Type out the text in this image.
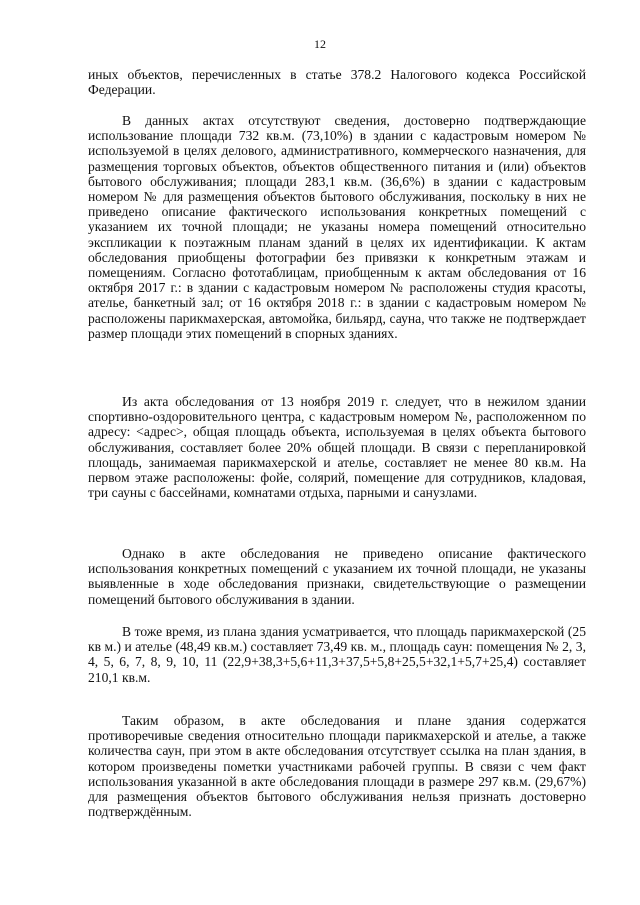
12

иных объектов, перечисленных в статье 378.2 Налогового кодекса Российской Федерации.

В данных актах отсутствуют сведения, достоверно подтверждающие использование площади 732 кв.м. (73,10%) в здании с кадастровым номером № используемой в целях делового, административного, коммерческого назначения, для размещения торговых объектов, объектов общественного питания и (или) объектов бытового обслуживания; площади 283,1 кв.м. (36,6%) в здании с кадастровым номером № для размещения объектов бытового обслуживания, поскольку в них не приведено описание фактического использования конкретных помещений с указанием их точной площади; не указаны номера помещений относительно экспликации к поэтажным планам зданий в целях их идентификации. К актам обследования приобщены фотографии без привязки к конкретным этажам и помещениям. Согласно фототаблицам, приобщенным к актам обследования от 16 октября 2017 г.: в здании с кадастровым номером № расположены студия красоты, ателье, банкетный зал; от 16 октября 2018 г.: в здании с кадастровым номером № расположены парикмахерская, автомойка, бильярд, сауна, что также не подтверждает размер площади этих помещений в спорных зданиях.

Из акта обследования от 13 ноября 2019 г. следует, что в нежилом здании спортивно-оздоровительного центра, с кадастровым номером №, расположенном по адресу: <адрес>, общая площадь объекта, используемая в целях объекта бытового обслуживания, составляет более 20% общей площади. В связи с перепланировкой площадь, занимаемая парикмахерской и ателье, составляет не менее 80 кв.м. На первом этаже расположены: фойе, солярий, помещение для сотрудников, кладовая, три сауны с бассейнами, комнатами отдыха, парными и санузлами.

Однако в акте обследования не приведено описание фактического использования конкретных помещений с указанием их точной площади, не указаны выявленные в ходе обследования признаки, свидетельствующие о размещении помещений бытового обслуживания в здании.

В тоже время, из плана здания усматривается, что площадь парикмахерской (25 кв м.) и ателье (48,49 кв.м.) составляет 73,49 кв. м., площадь саун: помещения № 2, 3, 4, 5, 6, 7, 8, 9, 10, 11 (22,9+38,3+5,6+11,3+37,5+5,8+25,5+32,1+5,7+25,4) составляет 210,1 кв.м.

Таким образом, в акте обследования и плане здания содержатся противоречивые сведения относительно площади парикмахерской и ателье, а также количества саун, при этом в акте обследования отсутствует ссылка на план здания, в котором произведены пометки участниками рабочей группы. В связи с чем факт использования указанной в акте обследования площади в размере 297 кв.м. (29,67%) для размещения объектов бытового обслуживания нельзя признать достоверно подтверждённым.
